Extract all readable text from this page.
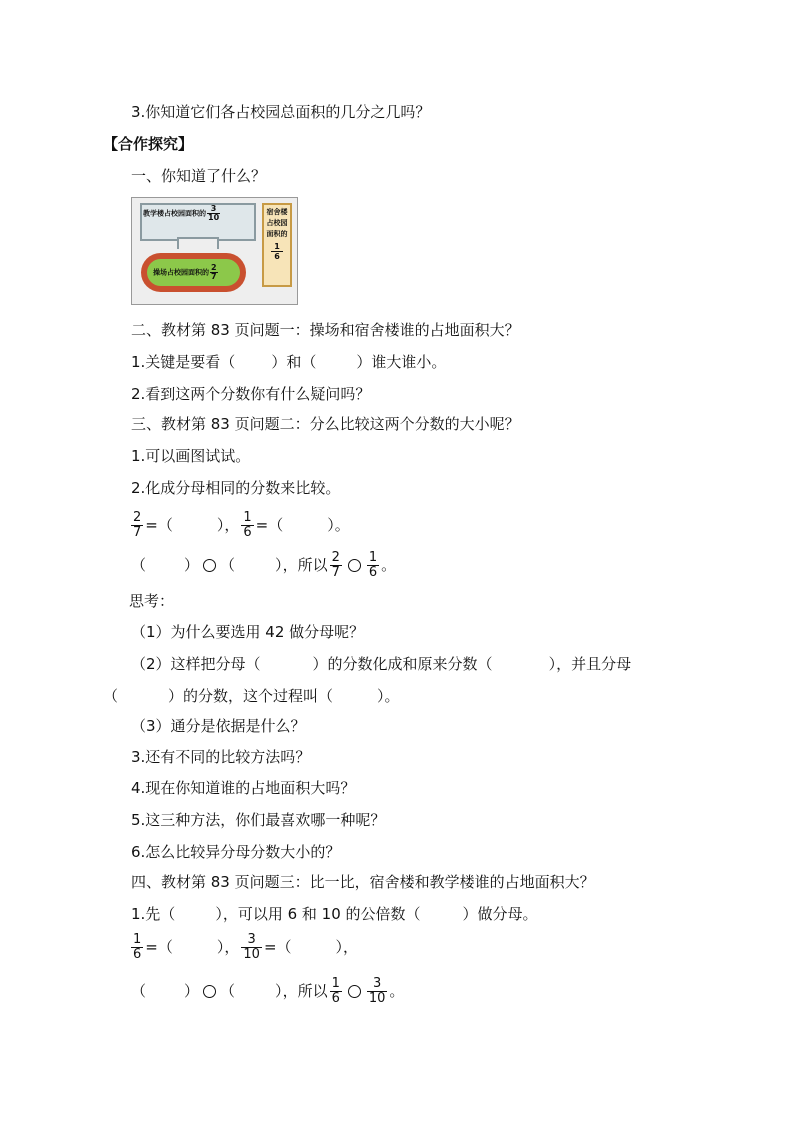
3.你知道它们各占校园总面积的几分之几吗？
【合作探究】
一、你知道了什么？
教学楼占校园面积的 $\frac{3}{10}$
操场占校园面积的 $\frac{2}{7}$
宿舍楼占校园面积的
1
6
二、教材第 83 页问题一：操场和宿舍楼谁的占地面积大？
1.关键是要看（ ）和（	）谁大谁小。
2.看到这两个分数你有什么疑问吗？
三、教材第 83 页问题二：分么比较这两个分数的大小呢？
1.可以画图试试。
2.化成分母相同的分数来比较。
$\frac{2}{7}$ =（	）， $\frac{1}{6}$ =（	）。
（	） （	），所以 $\frac{2}{7} \frac{1}{6}$ 。
思考：
（1）为什么要选用 42 做分母呢？
（2）这样把分母（	）的分数化成和原来分数（	），并且分母
（	）的分数，这个过程叫（	）。
（3）通分是依据是什么？
3.还有不同的比较方法吗？
4.现在你知道谁的占地面积大吗？
5.这三种方法，你们最喜欢哪一种呢？
6.怎么比较异分母分数大小的？
四、教材第 83 页问题三：比一比，宿舍楼和教学楼谁的占地面积大？
1.先（	），可以用 6 和 10 的公倍数（	）做分母。
$\frac{1}{6}$ =（	）， $\frac{3}{10}$ =（	），
（	） （	），所以 $\frac{1}{6} \frac{3}{10}$ 。
